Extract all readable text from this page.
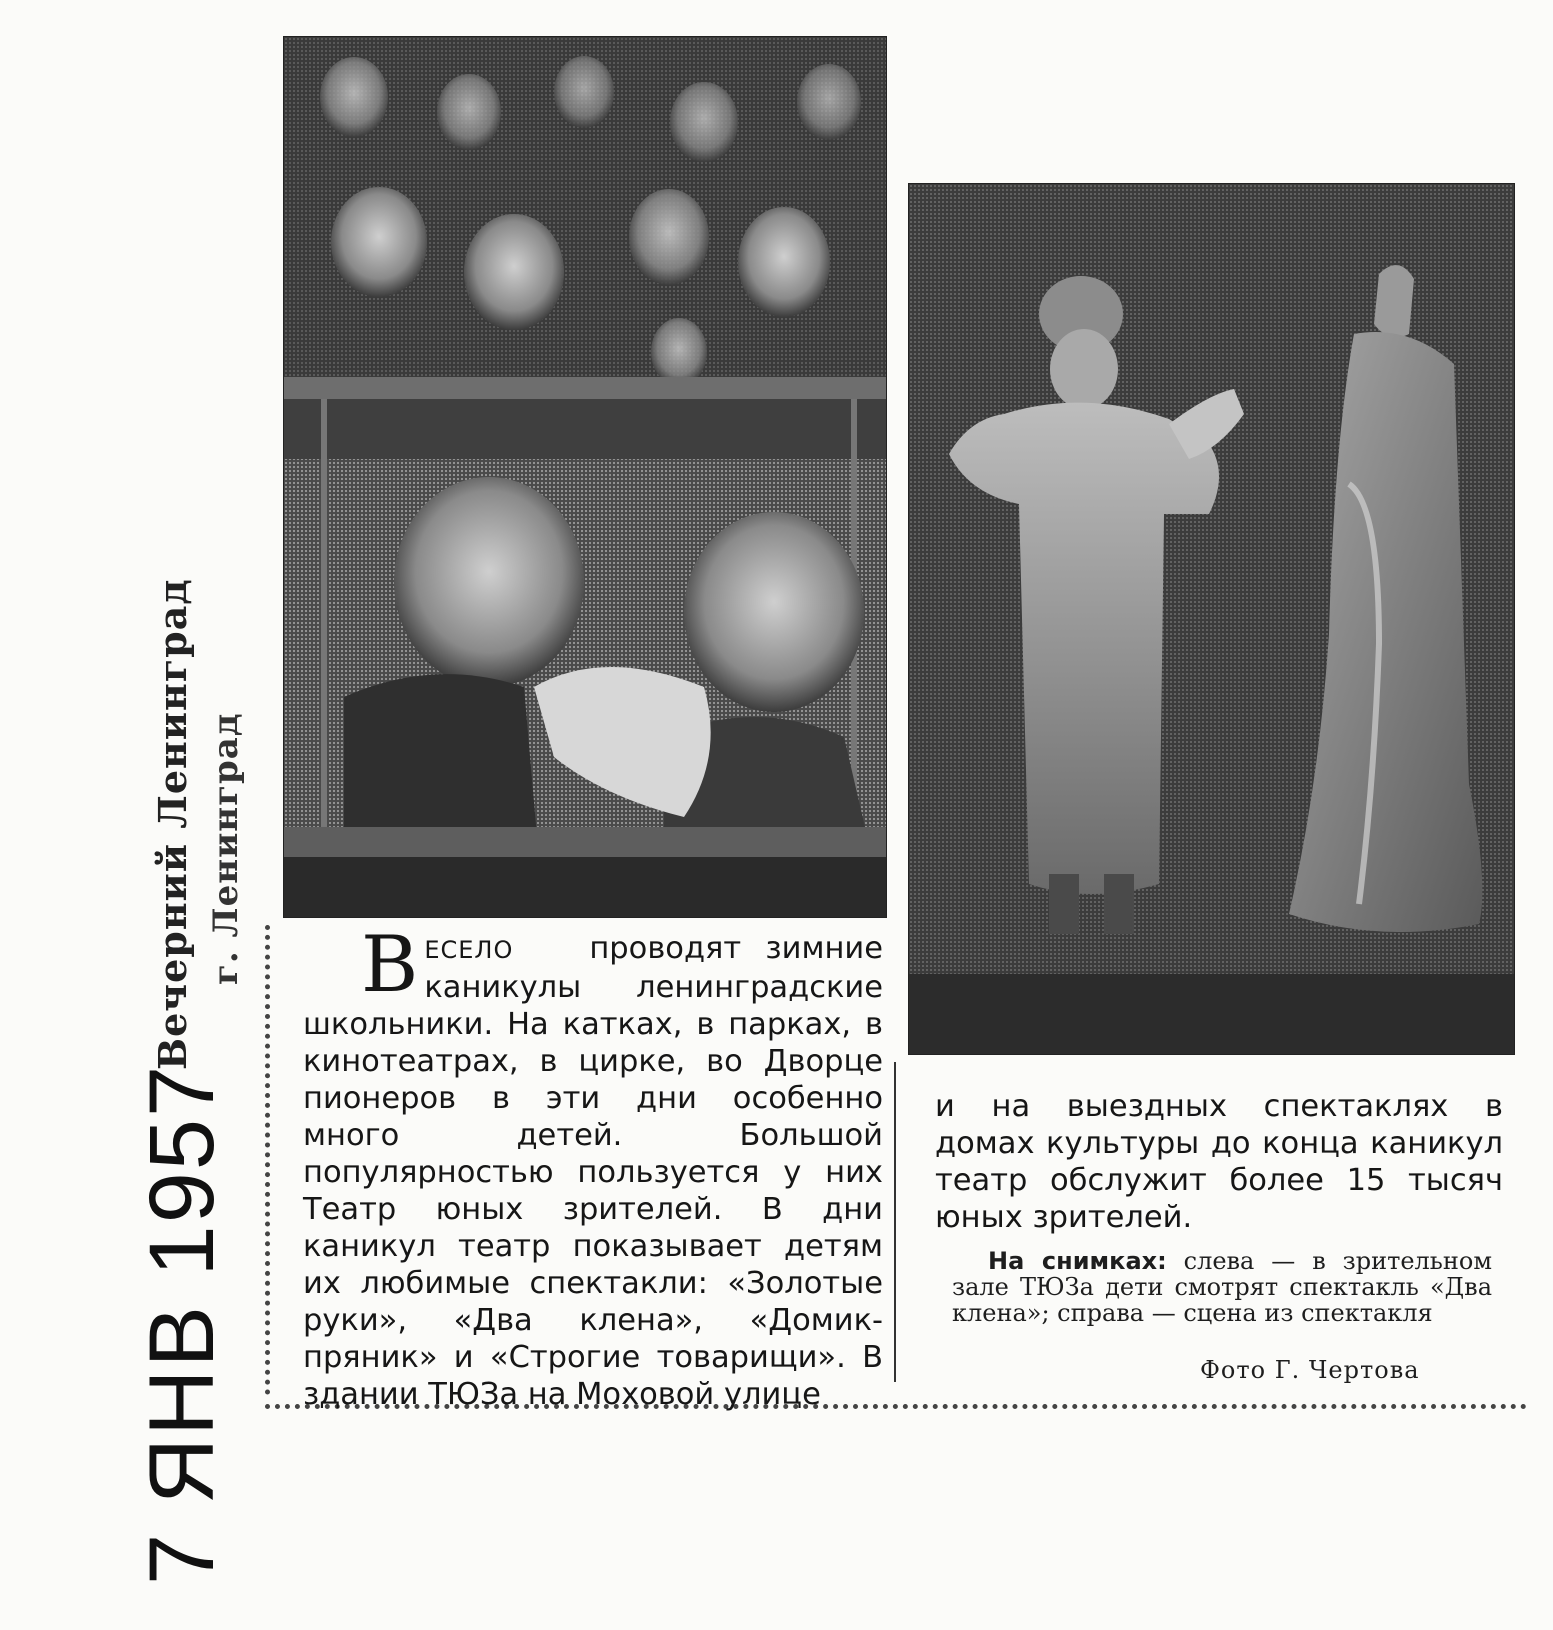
Вечерний Ленинград г. Ленинград
7 ЯНВ 1957
ВЕСЕЛО проводят зимние каникулы ленинградские школьники. На катках, в парках, в кинотеатрах, в цирке, во Дворце пионеров в эти дни особенно много детей. Большой популярностью пользуется у них Театр юных зрителей. В дни каникул театр показывает детям их любимые спектакли: «Золотые руки», «Два клена», «Домик-пряник» и «Строгие товарищи». В здании ТЮЗа на Моховой улице
и на выездных спектаклях в домах культуры до конца каникул театр обслужит более 15 тысяч юных зрителей.
На снимках: слева — в зрительном зале ТЮЗа дети смотрят спектакль «Два клена»; справа — сцена из спектакля
Фото Г. Чертова
